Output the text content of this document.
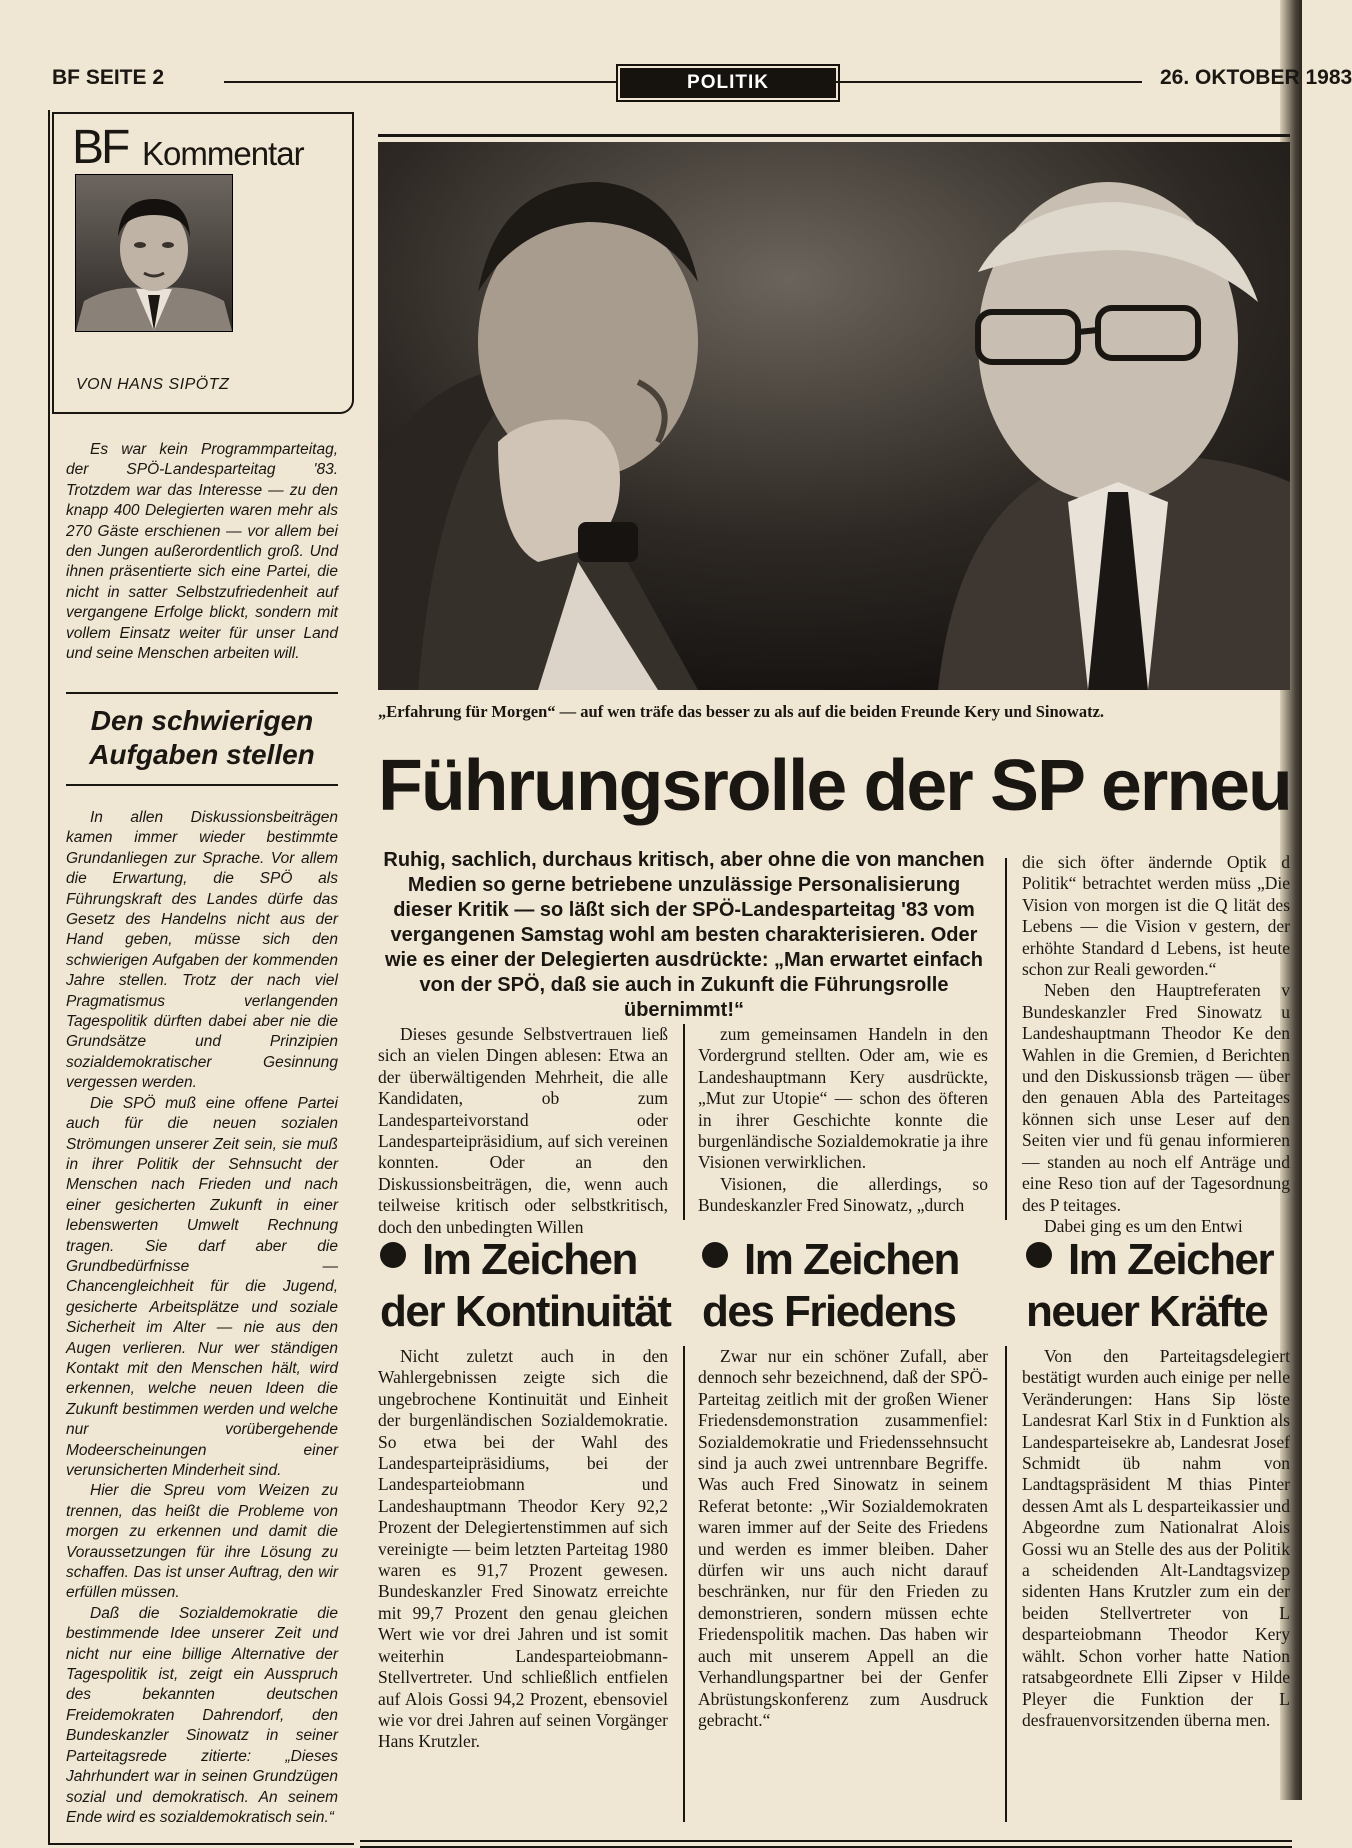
BF SEITE 2	POLITIK	26. OKTOBER 1983
BF Kommentar
VON HANS SIPÖTZ

Es war kein Programmparteitag, der SPÖ-Landesparteitag '83. Trotzdem war das Interesse — zu den knapp 400 Delegierten waren mehr als 270 Gäste erschienen — vor allem bei den Jungen außerordentlich groß. Und ihnen präsentierte sich eine Partei, die nicht in satter Selbstzufriedenheit auf vergangene Erfolge blickt, sondern mit vollem Einsatz weiter für unser Land und seine Menschen arbeiten will.

Den schwierigen Aufgaben stellen

In allen Diskussionsbeiträgen kamen immer wieder bestimmte Grundanliegen zur Sprache. Vor allem die Erwartung, die SPÖ als Führungskraft des Landes dürfe das Gesetz des Handelns nicht aus der Hand geben, müsse sich den schwierigen Aufgaben der kommenden Jahre stellen. Trotz der nach viel Pragmatismus verlangenden Tagespolitik dürften dabei aber nie die Grundsätze und Prinzipien sozialdemokratischer Gesinnung vergessen werden.

Die SPÖ muß eine offene Partei auch für die neuen sozialen Strömungen unserer Zeit sein, sie muß in ihrer Politik der Sehnsucht der Menschen nach Frieden und nach einer gesicherten Zukunft in einer lebenswerten Umwelt Rechnung tragen. Sie darf aber die Grundbedürfnisse — Chancengleichheit für die Jugend, gesicherte Arbeitsplätze und soziale Sicherheit im Alter — nie aus den Augen verlieren. Nur wer ständigen Kontakt mit den Menschen hält, wird erkennen, welche neuen Ideen die Zukunft bestimmen werden und welche nur vorübergehende Modeerscheinungen einer verunsicherten Minderheit sind.

Hier die Spreu vom Weizen zu trennen, das heißt die Probleme von morgen zu erkennen und damit die Voraussetzungen für ihre Lösung zu schaffen. Das ist unser Auftrag, den wir erfüllen müssen.

Daß die Sozialdemokratie die bestimmende Idee unserer Zeit und nicht nur eine billige Alternative der Tagespolitik ist, zeigt ein Ausspruch des bekannten deutschen Freidemokraten Dahrendorf, den Bundeskanzler Sinowatz in seiner Parteitagsrede zitierte: „Dieses Jahrhundert war in seinen Grundzügen sozial und demokratisch. An seinem Ende wird es sozialdemokratisch sein.“

„Erfahrung für Morgen“ — auf wen träfe das besser zu als auf die beiden Freunde Kery und Sinowatz.
Führungsrolle der SP erneu
Ruhig, sachlich, durchaus kritisch, aber ohne die von manchen Medien so gerne betriebene unzulässige Personalisierung dieser Kritik — so läßt sich der SPÖ-Landesparteitag '83 vom vergangenen Samstag wohl am besten charakterisieren. Oder wie es einer der Delegierten ausdrückte: „Man erwartet einfach von der SPÖ, daß sie auch in Zukunft die Führungsrolle übernimmt!“

Dieses gesunde Selbstvertrauen ließ sich an vielen Dingen ablesen: Etwa an der überwältigenden Mehrheit, die alle Kandidaten, ob zum Landesparteivorstand oder Landesparteipräsidium, auf sich vereinen konnten. Oder an den Diskussionsbeiträgen, die, wenn auch teilweise kritisch oder selbstkritisch, doch den unbedingten Willen

zum gemeinsamen Handeln in den Vordergrund stellten. Oder am, wie es Landeshauptmann Kery ausdrückte, „Mut zur Utopie“ — schon des öfteren in ihrer Geschichte konnte die burgenländische Sozialdemokratie ja ihre Visionen verwirklichen.

Visionen, die allerdings, so Bundeskanzler Fred Sinowatz, „durch

die sich öfter ändernde Optik d Politik“ betrachtet werden müss „Die Vision von morgen ist die Q lität des Lebens — die Vision v gestern, der erhöhte Standard d Lebens, ist heute schon zur Reali geworden.“

Neben den Hauptreferaten v Bundeskanzler Fred Sinowatz u Landeshauptmann Theodor Ke den Wahlen in die Gremien, d Berichten und den Diskussionsb trägen — über den genauen Abla des Parteitages können sich unse Leser auf den Seiten vier und fü genau informieren — standen au noch elf Anträge und eine Reso tion auf der Tagesordnung des P teitages.

Dabei ging es um den Entwi

Im Zeichen
der Kontinuität
Im Zeichen
des Friedens
Im Zeicher
neuer Kräfte

Nicht zuletzt auch in den Wahlergebnissen zeigte sich die ungebrochene Kontinuität und Einheit der burgenländischen Sozialdemokratie. So etwa bei der Wahl des Landesparteipräsidiums, bei der Landesparteiobmann und Landeshauptmann Theodor Kery 92,2 Prozent der Delegiertenstimmen auf sich vereinigte — beim letzten Parteitag 1980 waren es 91,7 Prozent gewesen. Bundeskanzler Fred Sinowatz erreichte mit 99,7 Prozent den genau gleichen Wert wie vor drei Jahren und ist somit weiterhin Landesparteiobmann-Stellvertreter. Und schließlich entfielen auf Alois Gossi 94,2 Prozent, ebensoviel wie vor drei Jahren auf seinen Vorgänger Hans Krutzler.

Zwar nur ein schöner Zufall, aber dennoch sehr bezeichnend, daß der SPÖ-Parteitag zeitlich mit der großen Wiener Friedensdemonstration zusammenfiel: Sozialdemokratie und Friedenssehnsucht sind ja auch zwei untrennbare Begriffe. Was auch Fred Sinowatz in seinem Referat betonte: „Wir Sozialdemokraten waren immer auf der Seite des Friedens und werden es immer bleiben. Daher dürfen wir uns auch nicht darauf beschränken, nur für den Frieden zu demonstrieren, sondern müssen echte Friedenspolitik machen. Das haben wir auch mit unserem Appell an die Verhandlungspartner bei der Genfer Abrüstungskonferenz zum Ausdruck gebracht.“

Von den Parteitagsdelegiert bestätigt wurden auch einige per nelle Veränderungen: Hans Sip löste Landesrat Karl Stix in d Funktion als Landesparteisekre ab, Landesrat Josef Schmidt üb nahm von Landtagspräsident M thias Pinter dessen Amt als L desparteikassier und Abgeordne zum Nationalrat Alois Gossi wu an Stelle des aus der Politik a scheidenden Alt-Landtagsvizep sidenten Hans Krutzler zum ein der beiden Stellvertreter von L desparteiobmann Theodor Kery wählt. Schon vorher hatte Nation ratsabgeordnete Elli Zipser v Hilde Pleyer die Funktion der L desfrauenvorsitzenden überna men.
